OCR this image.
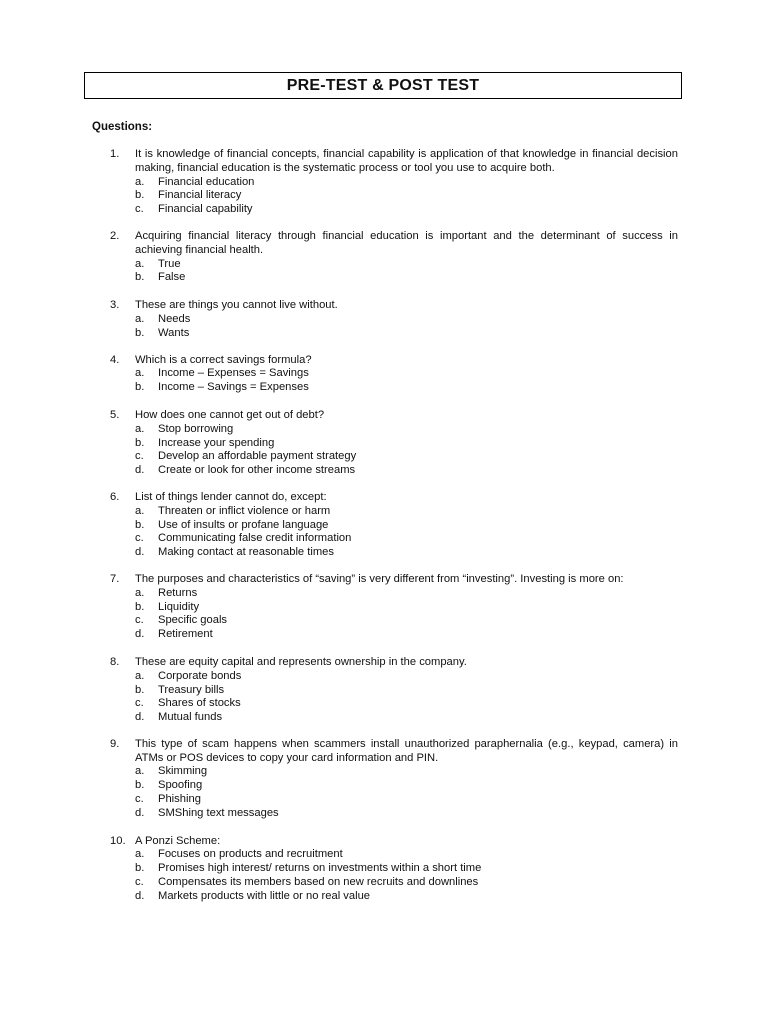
PRE-TEST & POST TEST
Questions:
1.	It is knowledge of financial concepts, financial capability is application of that knowledge in financial decision making, financial education is the systematic process or tool you use to acquire both.
a.	Financial education
b.	Financial literacy
c.	Financial capability
2.	Acquiring financial literacy through financial education is important and the determinant of success in achieving financial health.
a.	True
b.	False
3.	These are things you cannot live without.
a.	Needs
b.	Wants
4.	Which is a correct savings formula?
a.	Income – Expenses = Savings
b.	Income – Savings = Expenses
5.	How does one cannot get out of debt?
a.	Stop borrowing
b.	Increase your spending
c.	Develop an affordable payment strategy
d.	Create or look for other income streams
6.	List of things lender cannot do, except:
a.	Threaten or inflict violence or harm
b.	Use of insults or profane language
c.	Communicating false credit information
d.	Making contact at reasonable times
7.	The purposes and characteristics of “saving” is very different from “investing”. Investing is more on:
a.	Returns
b.	Liquidity
c.	Specific goals
d.	Retirement
8.	These are equity capital and represents ownership in the company.
a.	Corporate bonds
b.	Treasury bills
c.	Shares of stocks
d.	Mutual funds
9.	This type of scam happens when scammers install unauthorized paraphernalia (e.g., keypad, camera) in ATMs or POS devices to copy your card information and PIN.
a.	Skimming
b.	Spoofing
c.	Phishing
d.	SMShing text messages
10. A Ponzi Scheme:
a.	Focuses on products and recruitment
b.	Promises high interest/ returns on investments within a short time
c.	Compensates its members based on new recruits and downlines
d.	Markets products with little or no real value
